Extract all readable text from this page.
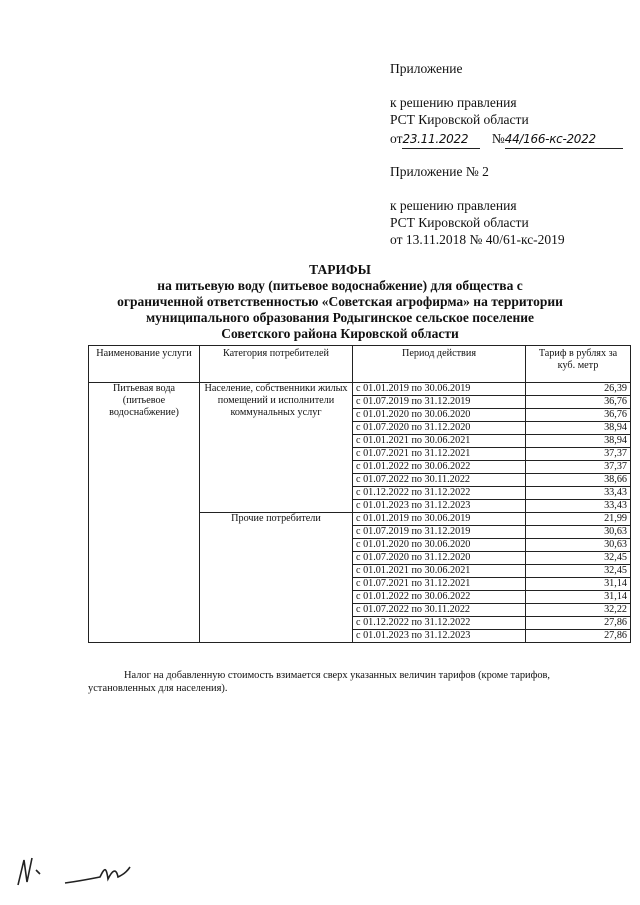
Приложение
к решению правления
РСТ Кировской области
от23.11.2022 №44/166-кс-2022
Приложение № 2
к решению правления
РСТ Кировской области
от 13.11.2018 № 40/61-кс-2019
ТАРИФЫ
на питьевую воду (питьевое водоснабжение) для общества с
ограниченной ответственностью «Советская агрофирма» на территории
муниципального образования Родыгинское сельское поселение
Советского района Кировской области
Наименование услуги	Категория потребителей	Период действия	Тариф в рублях за куб. метр
Питьевая вода (питьевое водоснабжение)	Население, собственники жилых помещений и исполнители коммунальных услуг	с 01.01.2019 по 30.06.2019	26,39
		с 01.07.2019 по 31.12.2019	36,76
		с 01.01.2020 по 30.06.2020	36,76
		с 01.07.2020 по 31.12.2020	38,94
		с 01.01.2021 по 30.06.2021	38,94
		с 01.07.2021 по 31.12.2021	37,37
		с 01.01.2022 по 30.06.2022	37,37
		с 01.07.2022 по 30.11.2022	38,66
		с 01.12.2022 по 31.12.2022	33,43
		с 01.01.2023 по 31.12.2023	33,43
	Прочие потребители	с 01.01.2019 по 30.06.2019	21,99
		с 01.07.2019 по 31.12.2019	30,63
		с 01.01.2020 по 30.06.2020	30,63
		с 01.07.2020 по 31.12.2020	32,45
		с 01.01.2021 по 30.06.2021	32,45
		с 01.07.2021 по 31.12.2021	31,14
		с 01.01.2022 по 30.06.2022	31,14
		с 01.07.2022 по 30.11.2022	32,22
		с 01.12.2022 по 31.12.2022	27,86
		с 01.01.2023 по 31.12.2023	27,86
Налог на добавленную стоимость взимается сверх указанных величин тарифов (кроме тарифов, установленных для населения).
